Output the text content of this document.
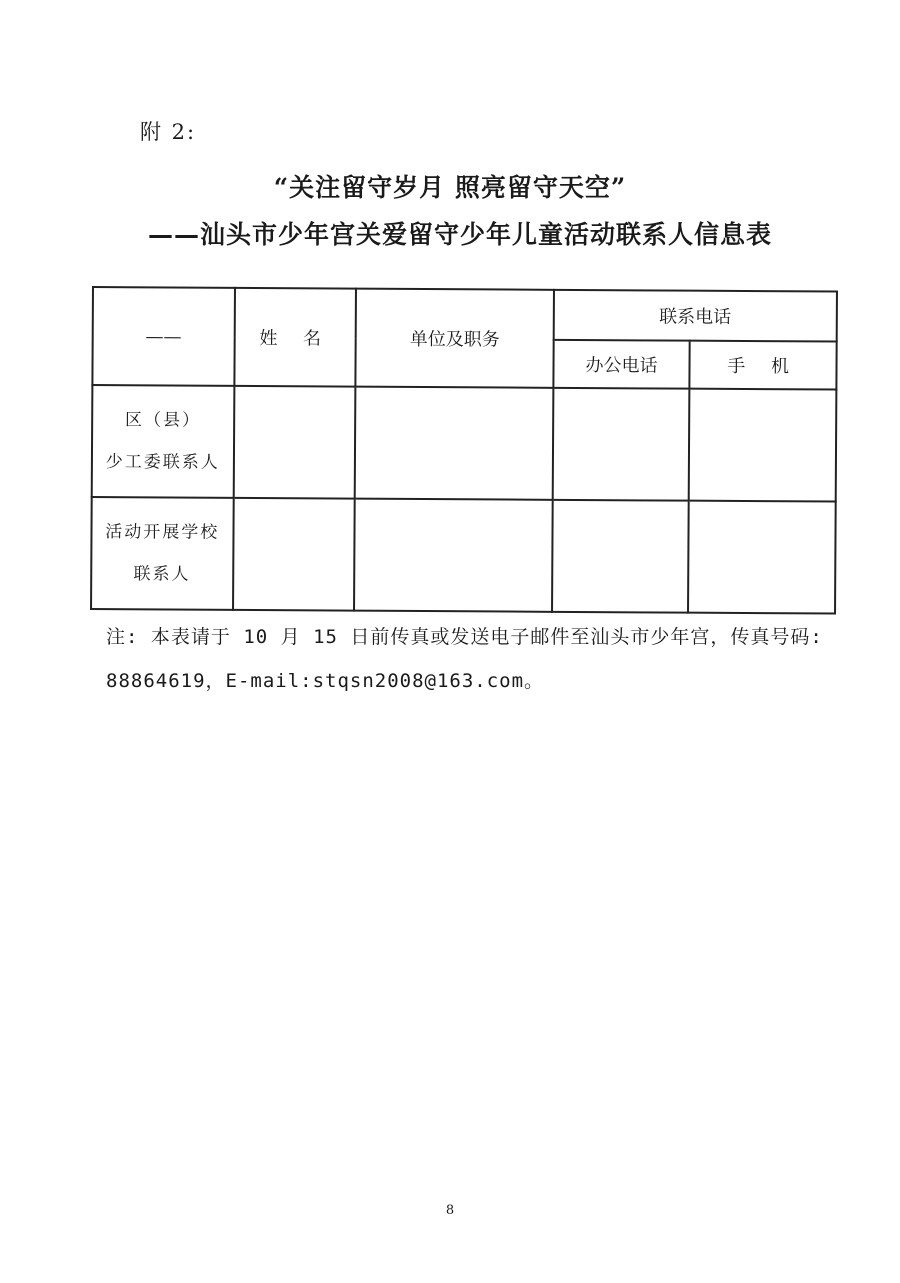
附 2:
“关注留守岁月 照亮留守天空”
——汕头市少年宫关爱留守少年儿童活动联系人信息表
——	姓 名	单位及职务	联系电话	
			办公电话	手 机

区（县）
少工委联系人				

活动开展学校
联系人				

注: 本表请于 10 月 15 日前传真或发送电子邮件至汕头市少年宫，传真号码:
88864619，E-mail:stqsn2008@163.com。
8
